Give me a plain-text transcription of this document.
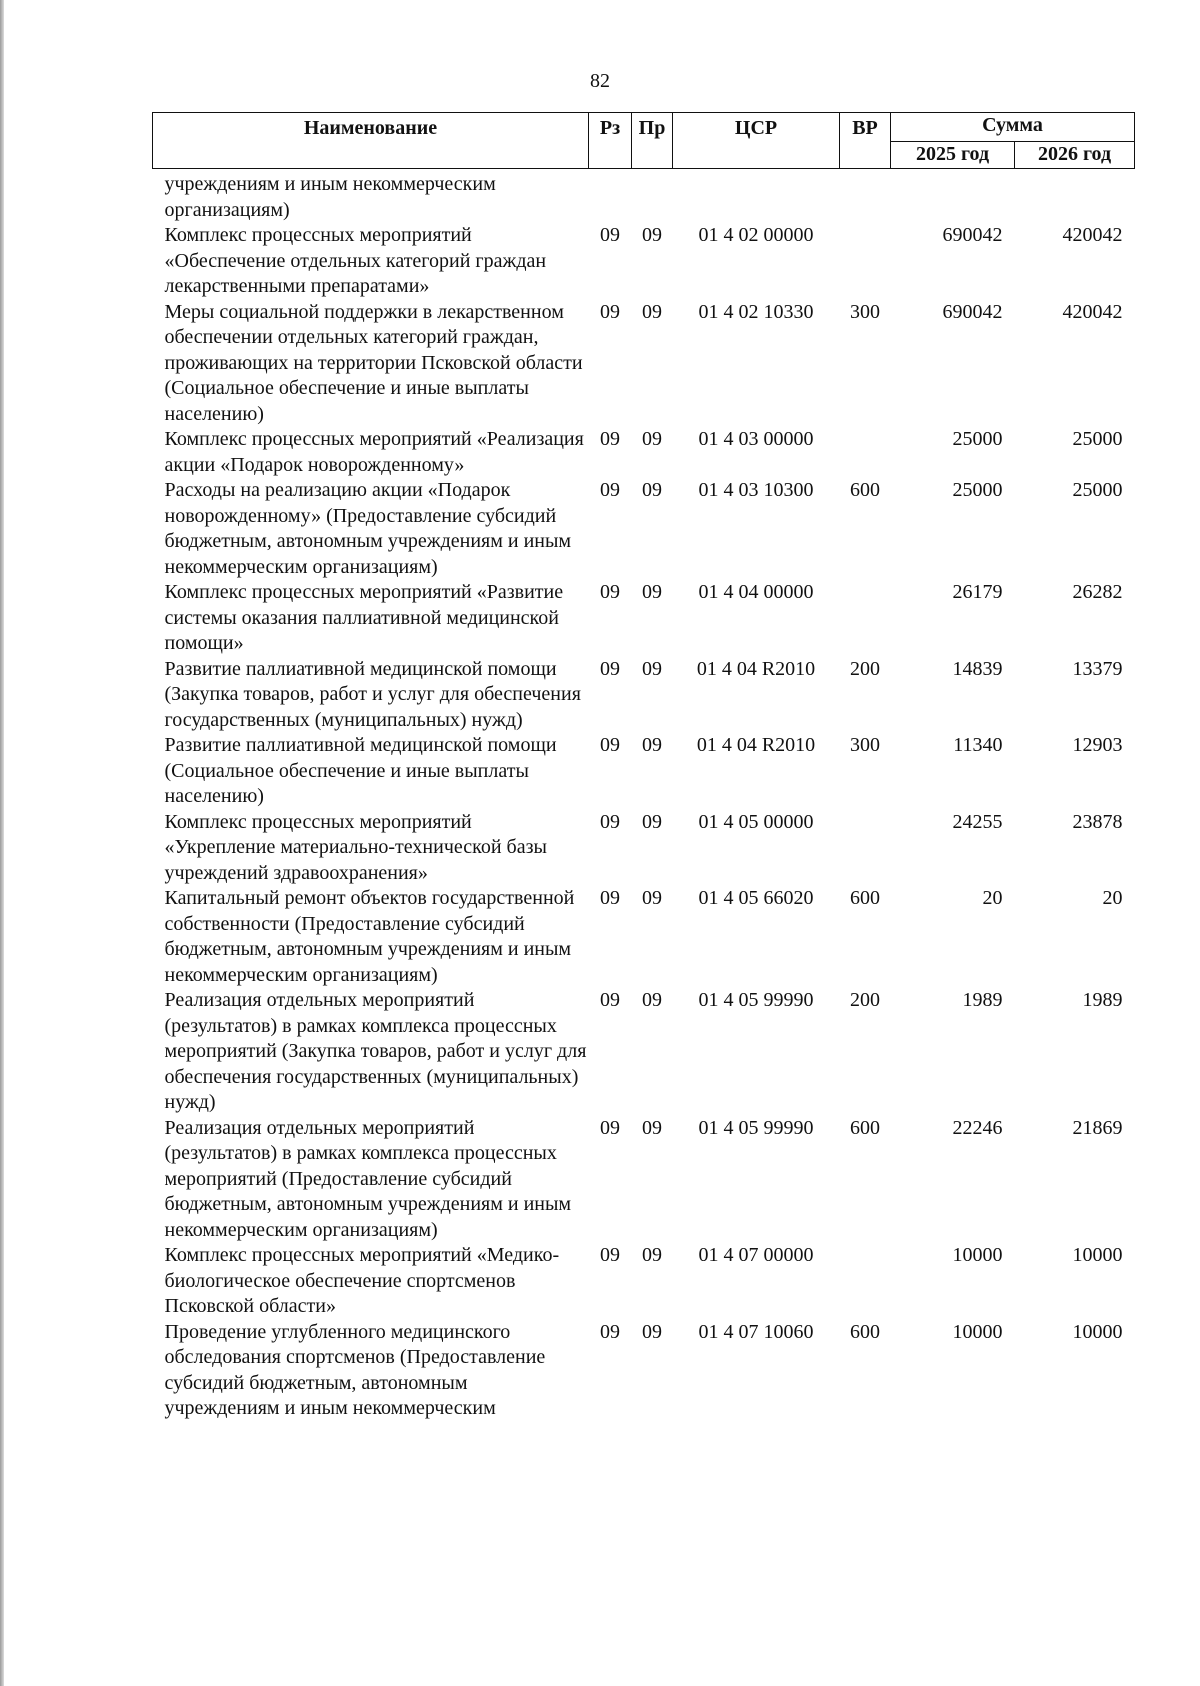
82
Наименование	Рз	Пр	ЦСР	ВР	Сумма	
					2025 год	2026 год
учреждениям и иным некоммерческим организациям)						
Комплекс процессных мероприятий «Обеспечение отдельных категорий граждан лекарственными препаратами»	09	09	01 4 02 00000		690042	420042
Меры социальной поддержки в лекарственном обеспечении отдельных категорий граждан, проживающих на территории Псковской области (Социальное обеспечение и иные выплаты населению)	09	09	01 4 02 10330	300	690042	420042
Комплекс процессных мероприятий «Реализация акции «Подарок новорожденному»	09	09	01 4 03 00000		25000	25000
Расходы на реализацию акции «Подарок новорожденному» (Предоставление субсидий бюджетным, автономным учреждениям и иным некоммерческим организациям)	09	09	01 4 03 10300	600	25000	25000
Комплекс процессных мероприятий «Развитие системы оказания паллиативной медицинской помощи»	09	09	01 4 04 00000		26179	26282
Развитие паллиативной медицинской помощи (Закупка товаров, работ и услуг для обеспечения государственных (муниципальных) нужд)	09	09	01 4 04 R2010	200	14839	13379
Развитие паллиативной медицинской помощи (Социальное обеспечение и иные выплаты населению)	09	09	01 4 04 R2010	300	11340	12903
Комплекс процессных мероприятий «Укрепление материально-технической базы учреждений здравоохранения»	09	09	01 4 05 00000		24255	23878
Капитальный ремонт объектов государственной собственности (Предоставление субсидий бюджетным, автономным учреждениям и иным некоммерческим организациям)	09	09	01 4 05 66020	600	20	20
Реализация отдельных мероприятий (результатов) в рамках комплекса процессных мероприятий (Закупка товаров, работ и услуг для обеспечения государственных (муниципальных) нужд)	09	09	01 4 05 99990	200	1989	1989
Реализация отдельных мероприятий (результатов) в рамках комплекса процессных мероприятий (Предоставление субсидий бюджетным, автономным учреждениям и иным некоммерческим организациям)	09	09	01 4 05 99990	600	22246	21869
Комплекс процессных мероприятий «Медико-биологическое обеспечение спортсменов Псковской области»	09	09	01 4 07 00000		10000	10000
Проведение углубленного медицинского обследования спортсменов (Предоставление субсидий бюджетным, автономным учреждениям и иным некоммерческим	09	09	01 4 07 10060	600	10000	10000
